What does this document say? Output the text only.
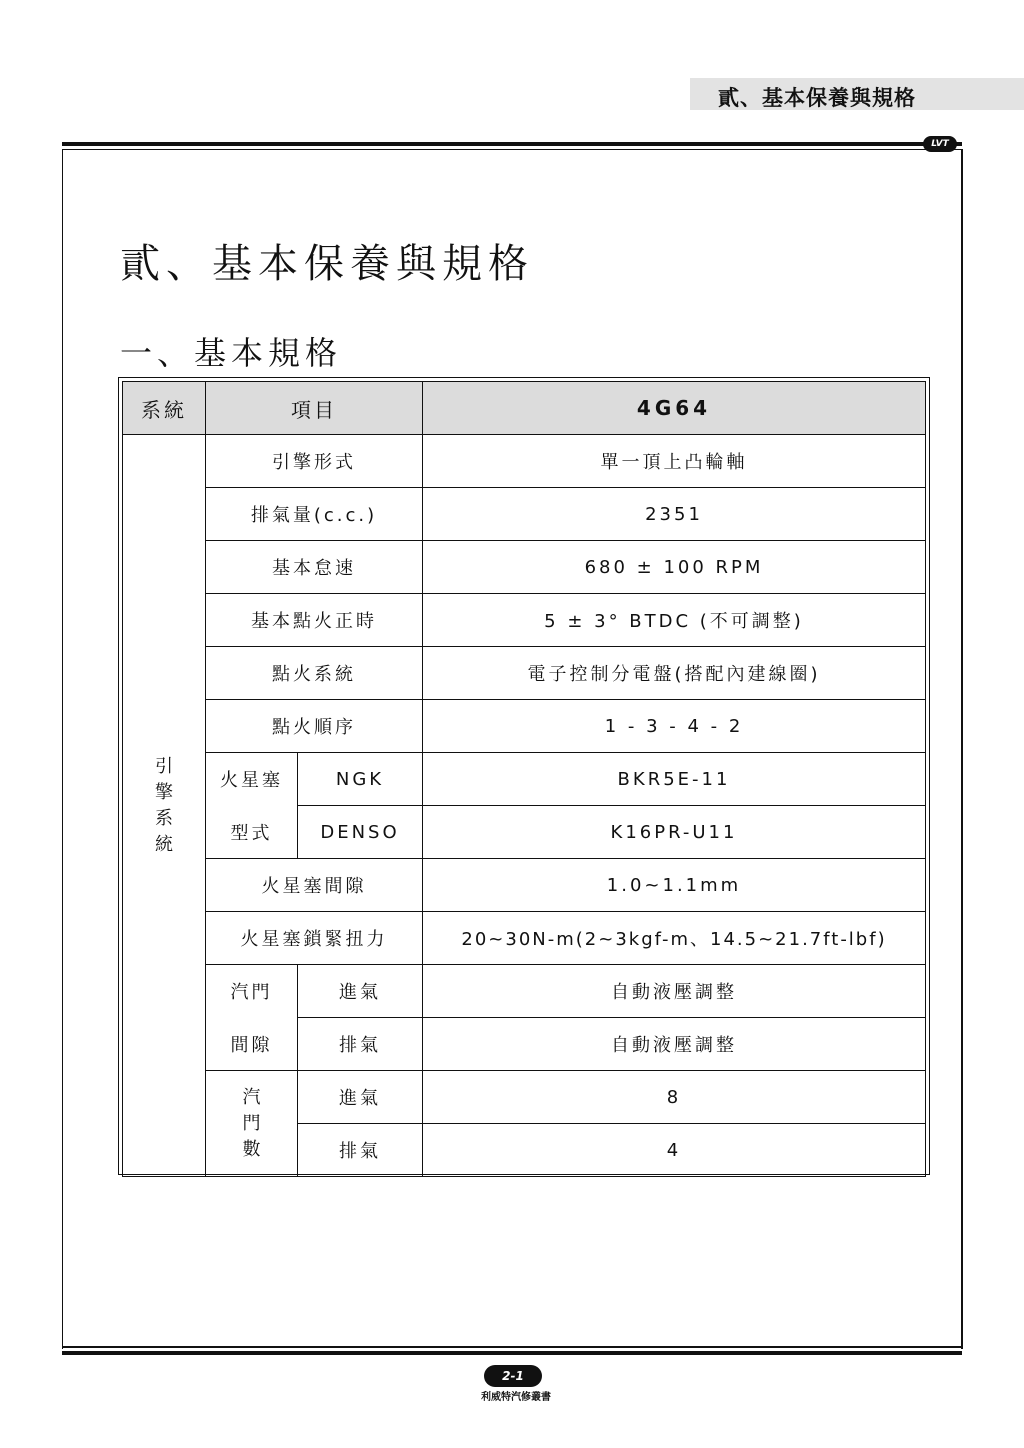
貳、基本保養與規格
LVT
貳、基本保養與規格
一、基本規格
系統	項目		4G64
引擎系統	引擎形式		單一頂上凸輪軸
	排氣量(c.c.)		2351
	基本怠速		680 ± 100 RPM
	基本點火正時		5 ± 3° BTDC (不可調整)
	點火系統		電子控制分電盤(搭配內建線圈)
	點火順序		1 - 3 - 4 - 2
	火星塞	NGK	BKR5E-11
	型式	DENSO	K16PR-U11
	火星塞間隙		1.0~1.1mm
	火星塞鎖緊扭力		20~30N-m(2~3kgf-m、14.5~21.7ft-lbf)
	汽門	進氣	自動液壓調整
	間隙	排氣	自動液壓調整
	汽門數	進氣	8
		排氣	4
2-1
利威特汽修叢書
